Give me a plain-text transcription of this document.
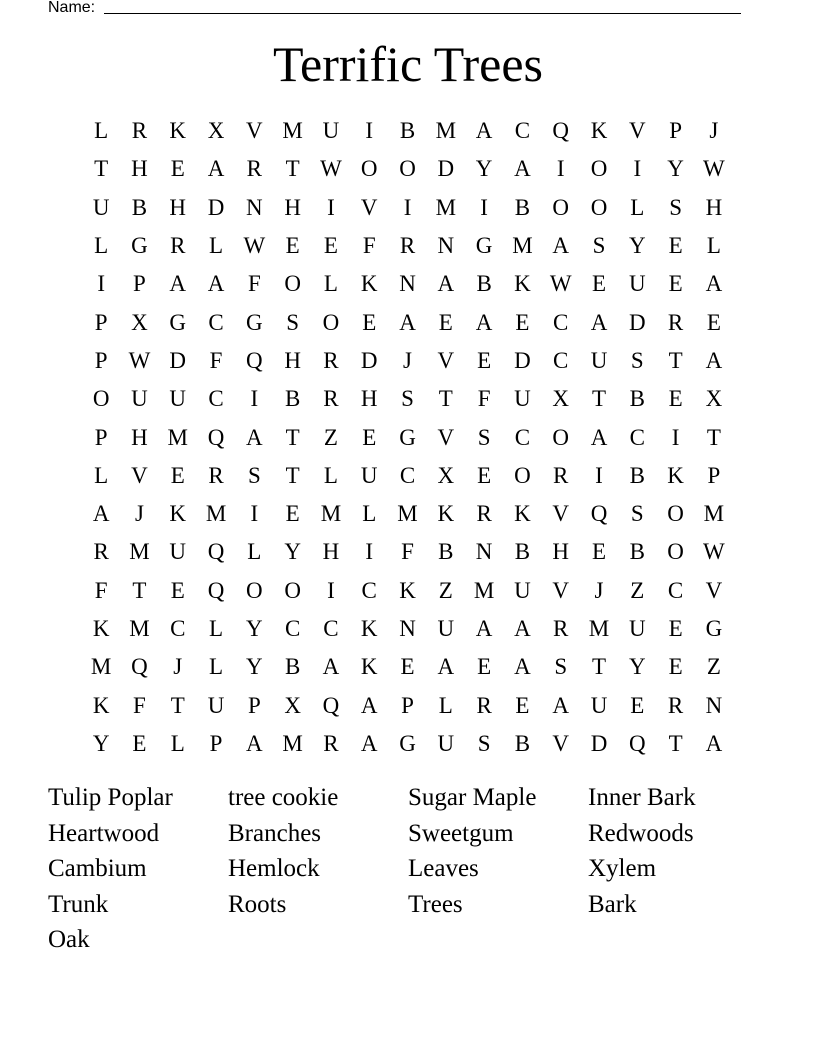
Name:
Terrific Trees
L	R K X V M U	I	B M A C Q K V	P	J
T H E A R	T W O O D Y A	I	O	I	Y W
U B H D N H	I	V	I	M	I	B O O L	S	H
L G R	L W E	E	F	R N G M A	S	Y E	L
I	P	A A	F	O L K N A B K W E U E A
P	X G C G	S	O E A E A E	C A D R	E
P W D	F	Q H R D	J	V E D C U	S	T A
O U U C	I	B R H	S	T	F	U X T	B	E X
P	H M Q A T	Z	E G V	S	C O A C	I	T
L V E	R	S	T	L U C X E O R	I	B K	P
A	J	K M	I	E M L M K R K V Q	S	O M
R M U Q L Y H	I	F	B N B H E	B O W
F	T	E Q O O	I	C K Z M U V	J	Z	C V
K M C	L Y C C K N U A A R M U E G
M Q	J	L Y B A K E A E A	S	T Y E	Z
K	F	T U	P	X Q A	P	L	R	E A U E	R N
Y E	L	P	A M R A G U	S	B V D Q T A
Tulip Poplar	tree cookie	Sugar Maple	Inner Bark
Heartwood	Branches	Sweetgum	Redwoods
Cambium	Hemlock	Leaves	Xylem
Trunk	Roots	Trees	Bark
Oak
